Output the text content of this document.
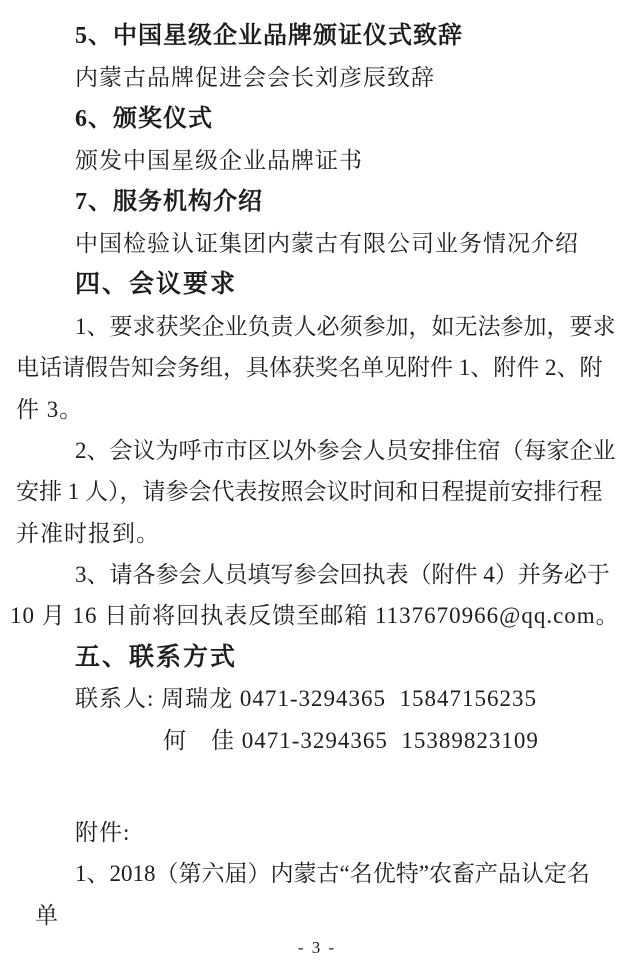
5、中国星级企业品牌颁证仪式致辞
内蒙古品牌促进会会长刘彦辰致辞
6、颁奖仪式
颁发中国星级企业品牌证书
7、服务机构介绍
中国检验认证集团内蒙古有限公司业务情况介绍
四、会议要求
1、要求获奖企业负责人必须参加，如无法参加，要求
电话请假告知会务组，具体获奖名单见附件 1、附件 2、附
件 3。
2、会议为呼市市区以外参会人员安排住宿（每家企业
安排 1 人），请参会代表按照会议时间和日程提前安排行程
并准时报到。
3、请各参会人员填写参会回执表（附件 4）并务必于
10 月 16 日前将回执表反馈至邮箱 1137670966@qq.com。
五、联系方式
联系人: 周瑞龙 0471-3294365  15847156235
何　佳 0471-3294365  15389823109
附件:
1、2018（第六届）内蒙古“名优特”农畜产品认定名
单
- 3 -
